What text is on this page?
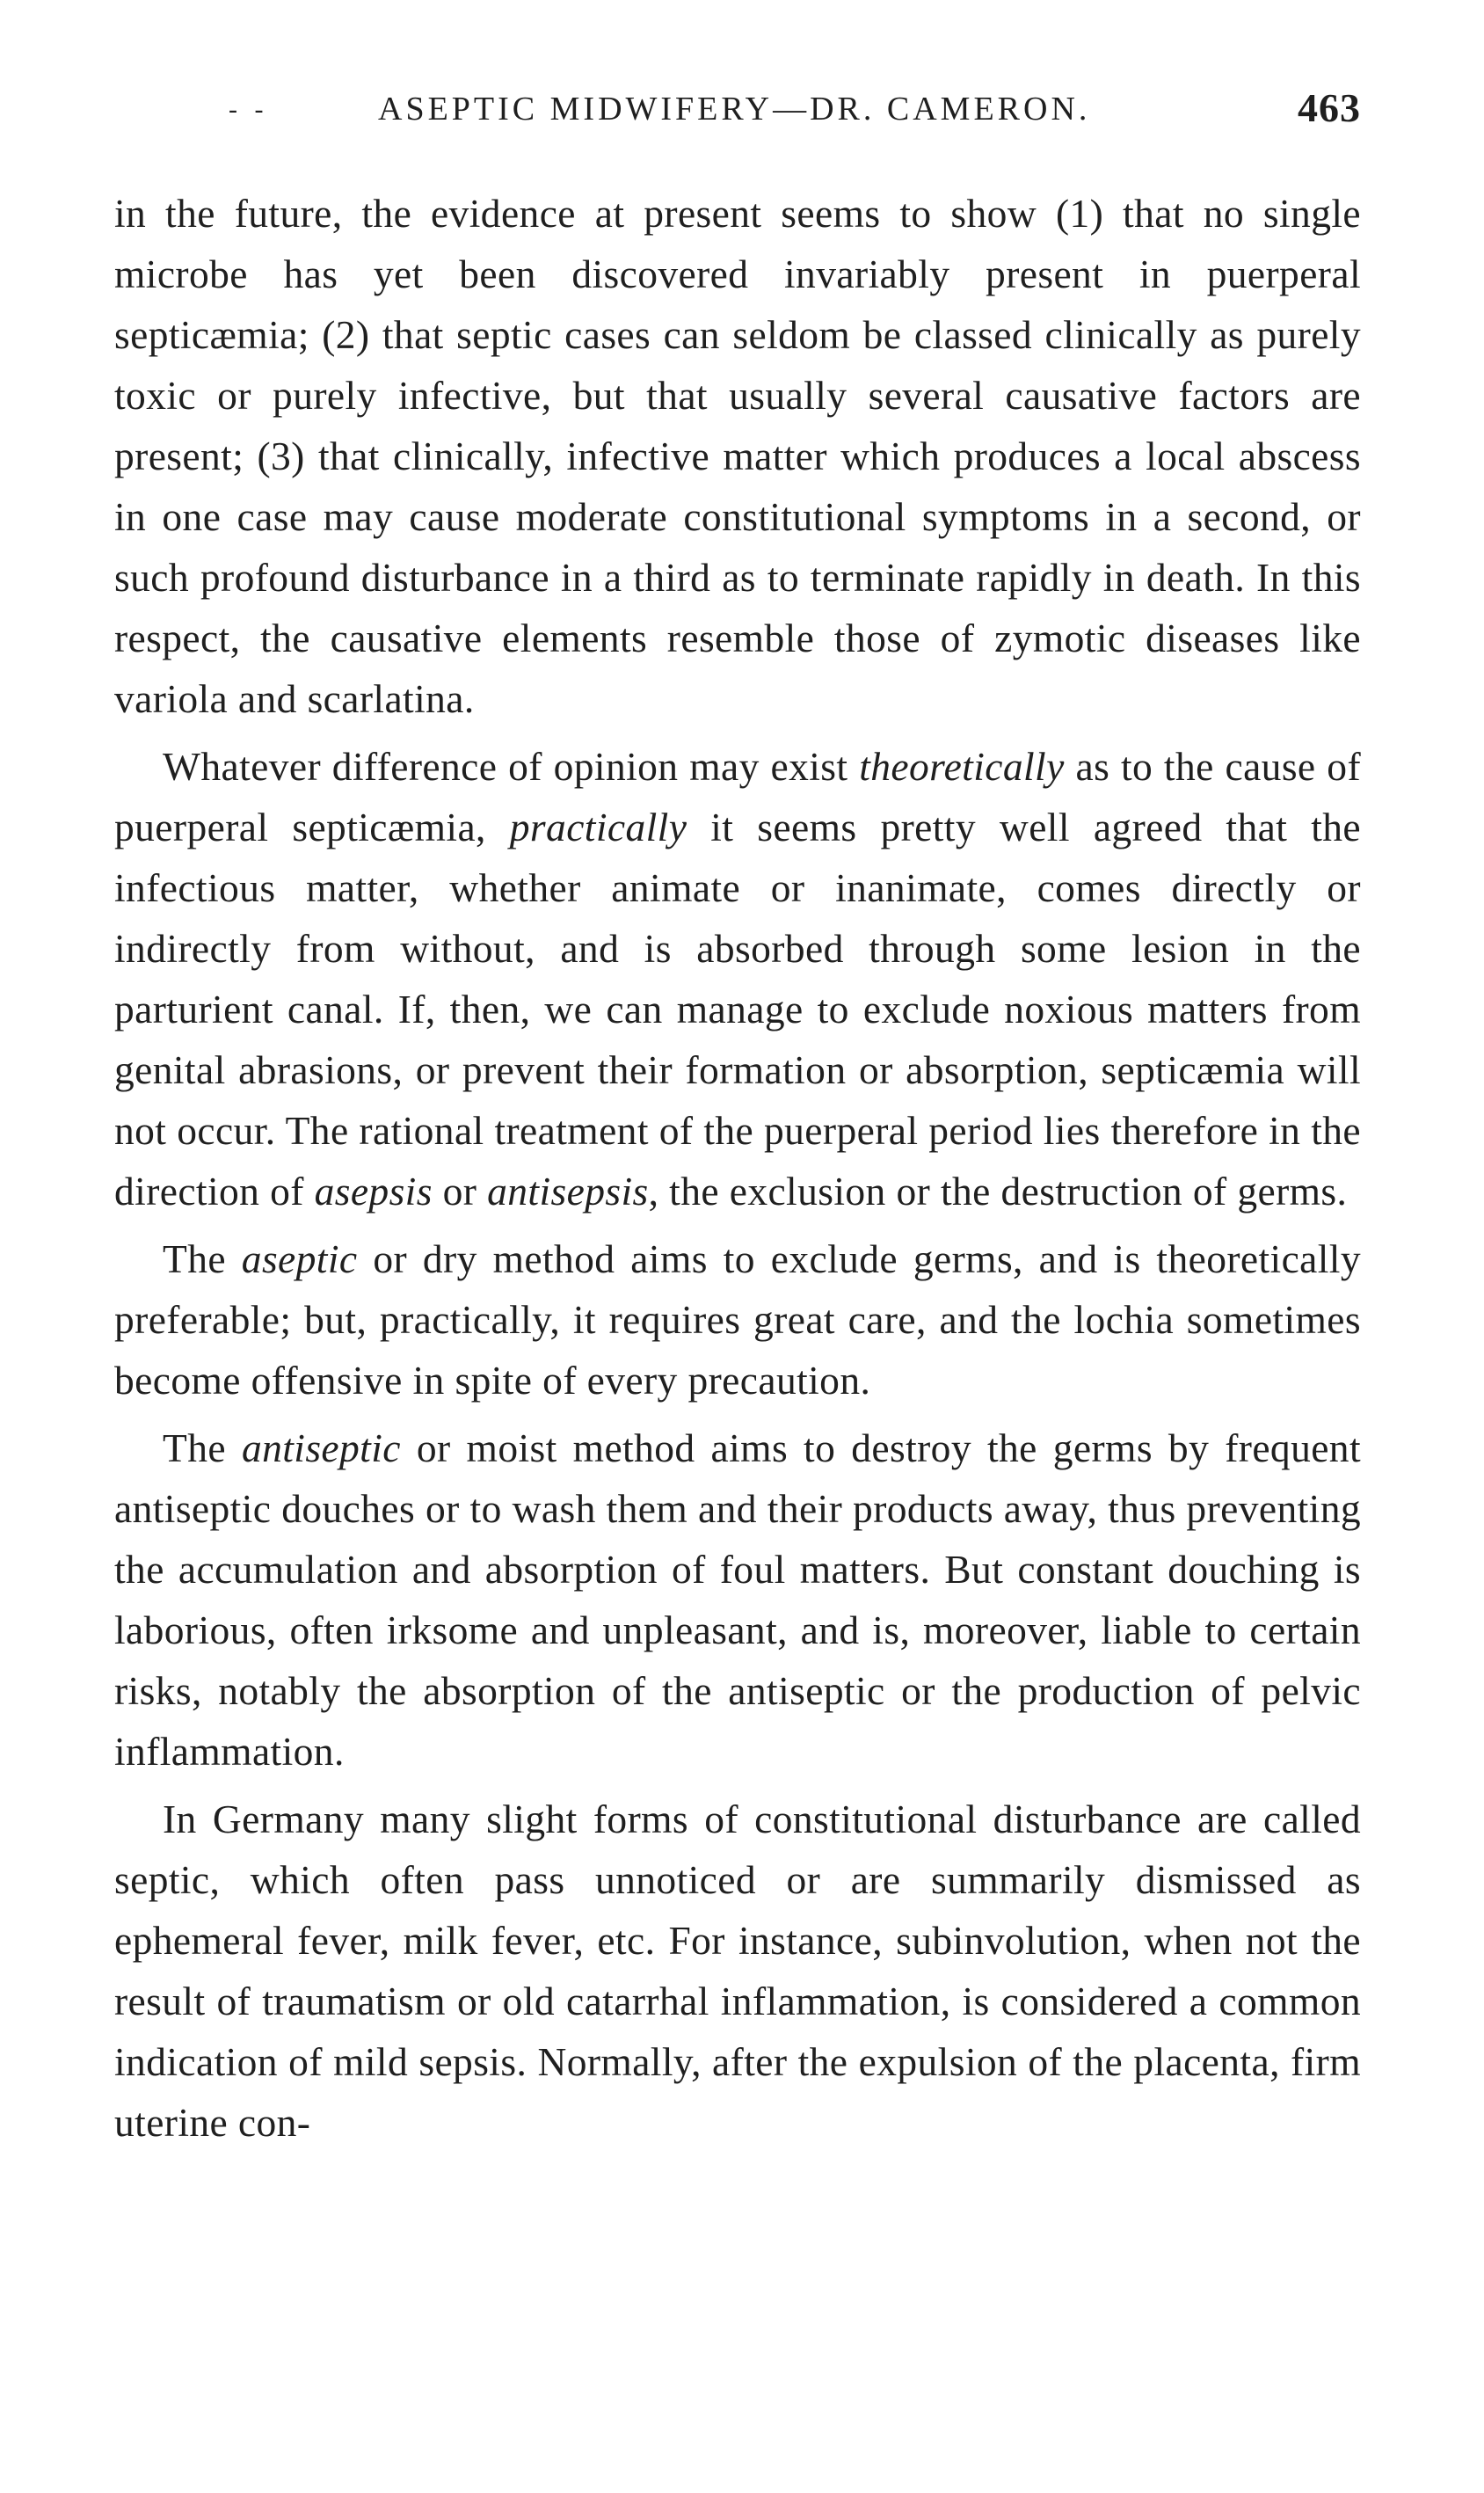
- -	ASEPTIC MIDWIFERY—DR. CAMERON.	463

in the future, the evidence at present seems to show (1) that no single microbe has yet been discovered invariably present in puerperal septicæmia; (2) that septic cases can seldom be classed clinically as purely toxic or purely infective, but that usually several causative factors are present; (3) that clinically, infective matter which produces a local abscess in one case may cause moderate constitutional symptoms in a second, or such profound disturbance in a third as to terminate rapidly in death. In this respect, the causative elements resemble those of zymotic diseases like variola and scarlatina.

Whatever difference of opinion may exist theoretically as to the cause of puerperal septicæmia, practically it seems pretty well agreed that the infectious matter, whether animate or inanimate, comes directly or indirectly from without, and is absorbed through some lesion in the parturient canal. If, then, we can manage to exclude noxious matters from genital abrasions, or prevent their formation or absorption, septicæmia will not occur. The rational treatment of the puerperal period lies therefore in the direction of asepsis or antisepsis, the exclusion or the destruction of germs.

The aseptic or dry method aims to exclude germs, and is theoretically preferable; but, practically, it requires great care, and the lochia sometimes become offensive in spite of every precaution.

The antiseptic or moist method aims to destroy the germs by frequent antiseptic douches or to wash them and their products away, thus preventing the accumulation and absorption of foul matters. But constant douching is laborious, often irksome and unpleasant, and is, moreover, liable to certain risks, notably the absorption of the antiseptic or the production of pelvic inflammation.

In Germany many slight forms of constitutional disturbance are called septic, which often pass unnoticed or are summarily dismissed as ephemeral fever, milk fever, etc. For instance, subinvolution, when not the result of traumatism or old catarrhal inflammation, is considered a common indication of mild sepsis. Normally, after the expulsion of the placenta, firm uterine con-
